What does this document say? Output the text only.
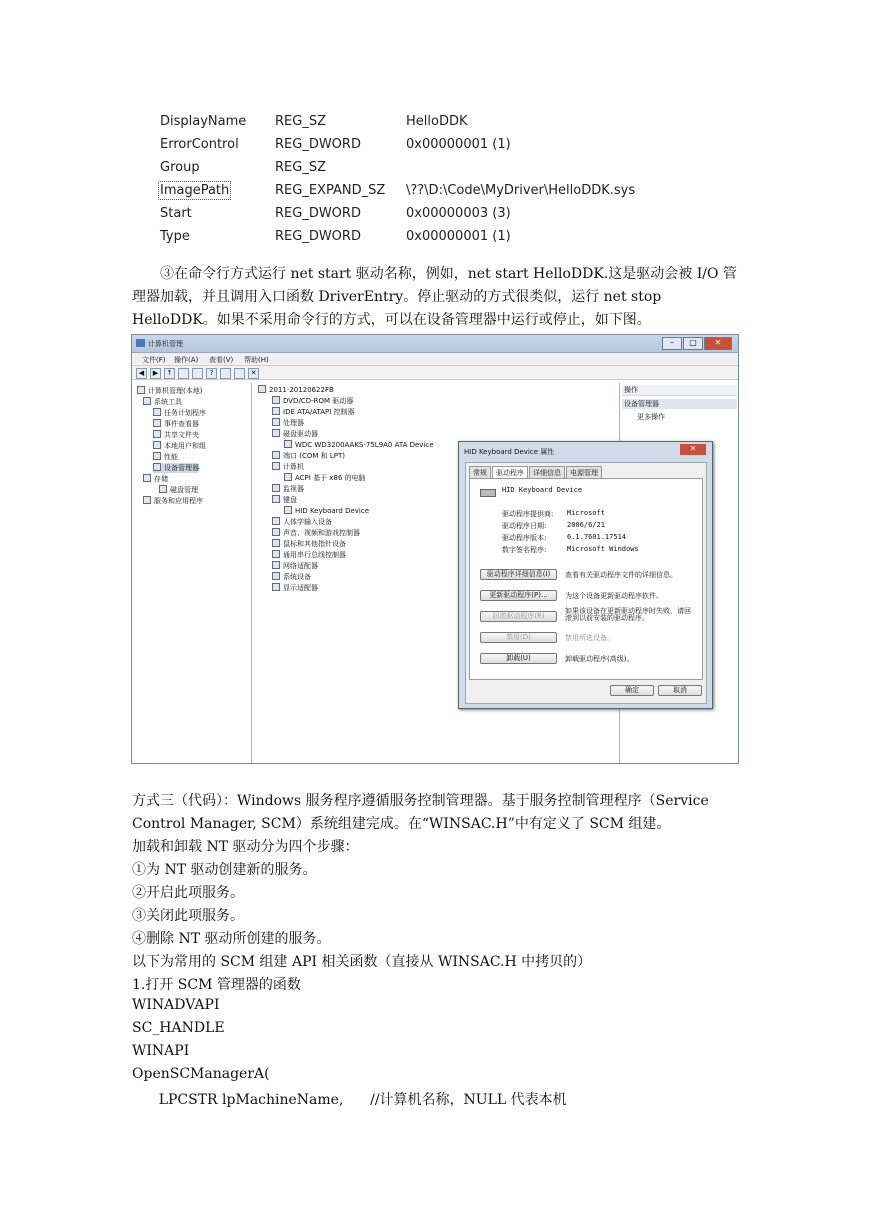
DisplayName REG_SZ	HelloDDK
ErrorControl	REG_DWORD	0x00000001 (1)
Group	REG_SZ
ImagePath	REG_EXPAND_SZ \??\D:\Code\MyDriver\HelloDDK.sys
Start	REG_DWORD	0x00000003 (3)
Type	REG_DWORD	0x00000001 (1)
③在命令行方式运行 net start 驱动名称，例如，net start HelloDDK.这是驱动会被 I/O 管理器加载，并且调用入口函数 DriverEntry。停止驱动的方式很类似，运行 net stop HelloDDK。如果不采用命令行的方式，可以在设备管理器中运行或停止，如下图。
计算机管理	–	□	✕
文件(F) 操作(A) 查看(V) 帮助(H)
◀	▶	↑	?	✕
计算机管理(本地)
系统工具
任务计划程序
事件查看器
共享文件夹
本地用户和组
性能
设备管理器
存储
磁盘管理
服务和应用程序
2011-20120622FB
DVD/CD-ROM 驱动器
IDE ATA/ATAPI 控制器
处理器
磁盘驱动器
WDC WD3200AAKS-75L9A0 ATA Device
端口 (COM 和 LPT)
计算机
ACPI 基于 x86 的电脑
监视器
键盘
HID Keyboard Device
人体学输入设备
声音、视频和游戏控制器
鼠标和其他指针设备
通用串行总线控制器
网络适配器
系统设备
显示适配器
操作
设备管理器
更多操作
HID Keyboard Device 属性	✕
常规	驱动程序	详细信息	电源管理
HID Keyboard Device
驱动程序提供商: Microsoft
驱动程序日期:	2006/6/21
驱动程序版本:	6.1.7601.17514
数字签名程序:	Microsoft Windows
驱动程序详细信息(I)	查看有关驱动程序文件的详细信息。
更新驱动程序(P)...	为这个设备更新驱动程序软件。
回滚驱动程序(R)
如果该设备在更新驱动程序时失败，请回滚到以前安装的驱动程序。
禁用(D)	禁用所选设备。
卸载(U)	卸载驱动程序(高级)。
确定	取消
方式三（代码）：Windows 服务程序遵循服务控制管理器。基于服务控制管理程序（Service
Control Manager, SCM）系统组建完成。在“WINSAC.H”中有定义了 SCM 组建。
加载和卸载 NT 驱动分为四个步骤：
①为 NT 驱动创建新的服务。
②开启此项服务。
③关闭此项服务。
④删除 NT 驱动所创建的服务。
以下为常用的 SCM 组建 API 相关函数（直接从 WINSAC.H 中拷贝的）
1.打开 SCM 管理器的函数
WINADVAPI
SC_HANDLE
WINAPI
OpenSCManagerA(
LPCSTR lpMachineName,      //计算机名称，NULL 代表本机
